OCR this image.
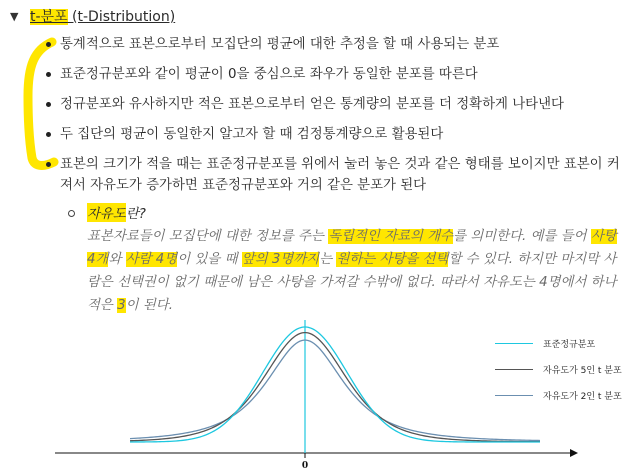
▼ t-분포 (t-Distribution)
통계적으로 표본으로부터 모집단의 평균에 대한 추정을 할 때 사용되는 분포
표준정규분포와 같이 평균이 0을 중심으로 좌우가 동일한 분포를 따른다
정규분포와 유사하지만 적은 표본으로부터 얻은 통계량의 분포를 더 정확하게 나타낸다
두 집단의 평균이 동일한지 알고자 할 때 검정통계량으로 활용된다
표본의 크기가 적을 때는 표준정규분포를 위에서 눌러 놓은 것과 같은 형태를 보이지만 표본이 커져서 자유도가 증가하면 표준정규분포와 거의 같은 분포가 된다
자유도 란?
표본자료들이 모집단에 대한 정보를 주는 독립적인 자료의 개수를 의미한다. 예를 들어 사탕 4개와 사람 4명이 있을 때 앞의 3명까지는 원하는 사탕을 선택할 수 있다. 하지만 마지막 사람은 선택권이 없기 때문에 남은 사탕을 가져갈 수밖에 없다. 따라서 자유도는 4명에서 하나 적은 3이 된다.
0
표준정규분포
자유도가 5인 t 분포
자유도가 2인 t 분포
